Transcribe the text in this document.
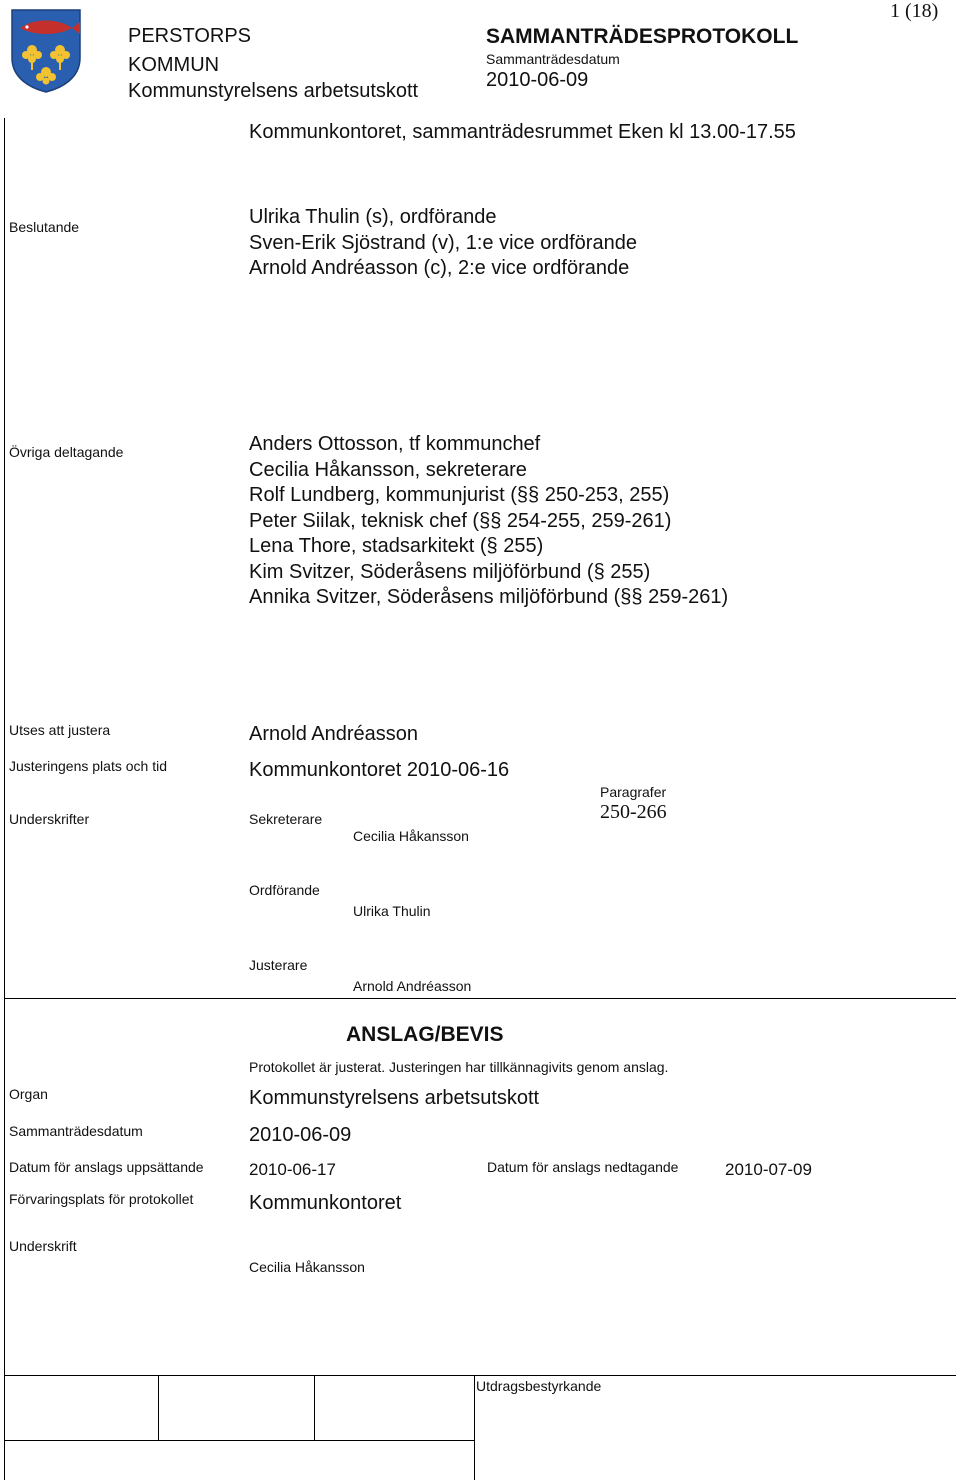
PERSTORPS
KOMMUN
Kommunstyrelsens arbetsutskott
SAMMANTRÄDESPROTOKOLL
Sammanträdesdatum
2010-06-09
1 (18)
Kommunkontoret, sammanträdesrummet Eken kl 13.00-17.55
Beslutande	Ulrika Thulin (s), ordförande
Sven-Erik Sjöstrand (v), 1:e vice ordförande
Arnold Andréasson (c), 2:e vice ordförande
Övriga deltagande	Anders Ottosson, tf kommunchef
Cecilia Håkansson, sekreterare
Rolf Lundberg, kommunjurist (§§ 250-253, 255)
Peter Siilak, teknisk chef (§§ 254-255, 259-261)
Lena Thore, stadsarkitekt (§ 255)
Kim Svitzer, Söderåsens miljöförbund (§ 255)
Annika Svitzer, Söderåsens miljöförbund (§§ 259-261)
Utses att justera	Arnold Andréasson
Justeringens plats och tid	Kommunkontoret 2010-06-16
Paragrafer
250-266
Underskrifter	Sekreterare
Cecilia Håkansson
Ordförande
Ulrika Thulin
Justerare
Arnold Andréasson
ANSLAG/BEVIS
Protokollet är justerat. Justeringen har tillkännagivits genom anslag.
Organ	Kommunstyrelsens arbetsutskott
Sammanträdesdatum	2010-06-09
Datum för anslags uppsättande	2010-06-17	Datum för anslags nedtagande	2010-07-09
Förvaringsplats för protokollet	Kommunkontoret
Underskrift
Cecilia Håkansson
Utdragsbestyrkande
